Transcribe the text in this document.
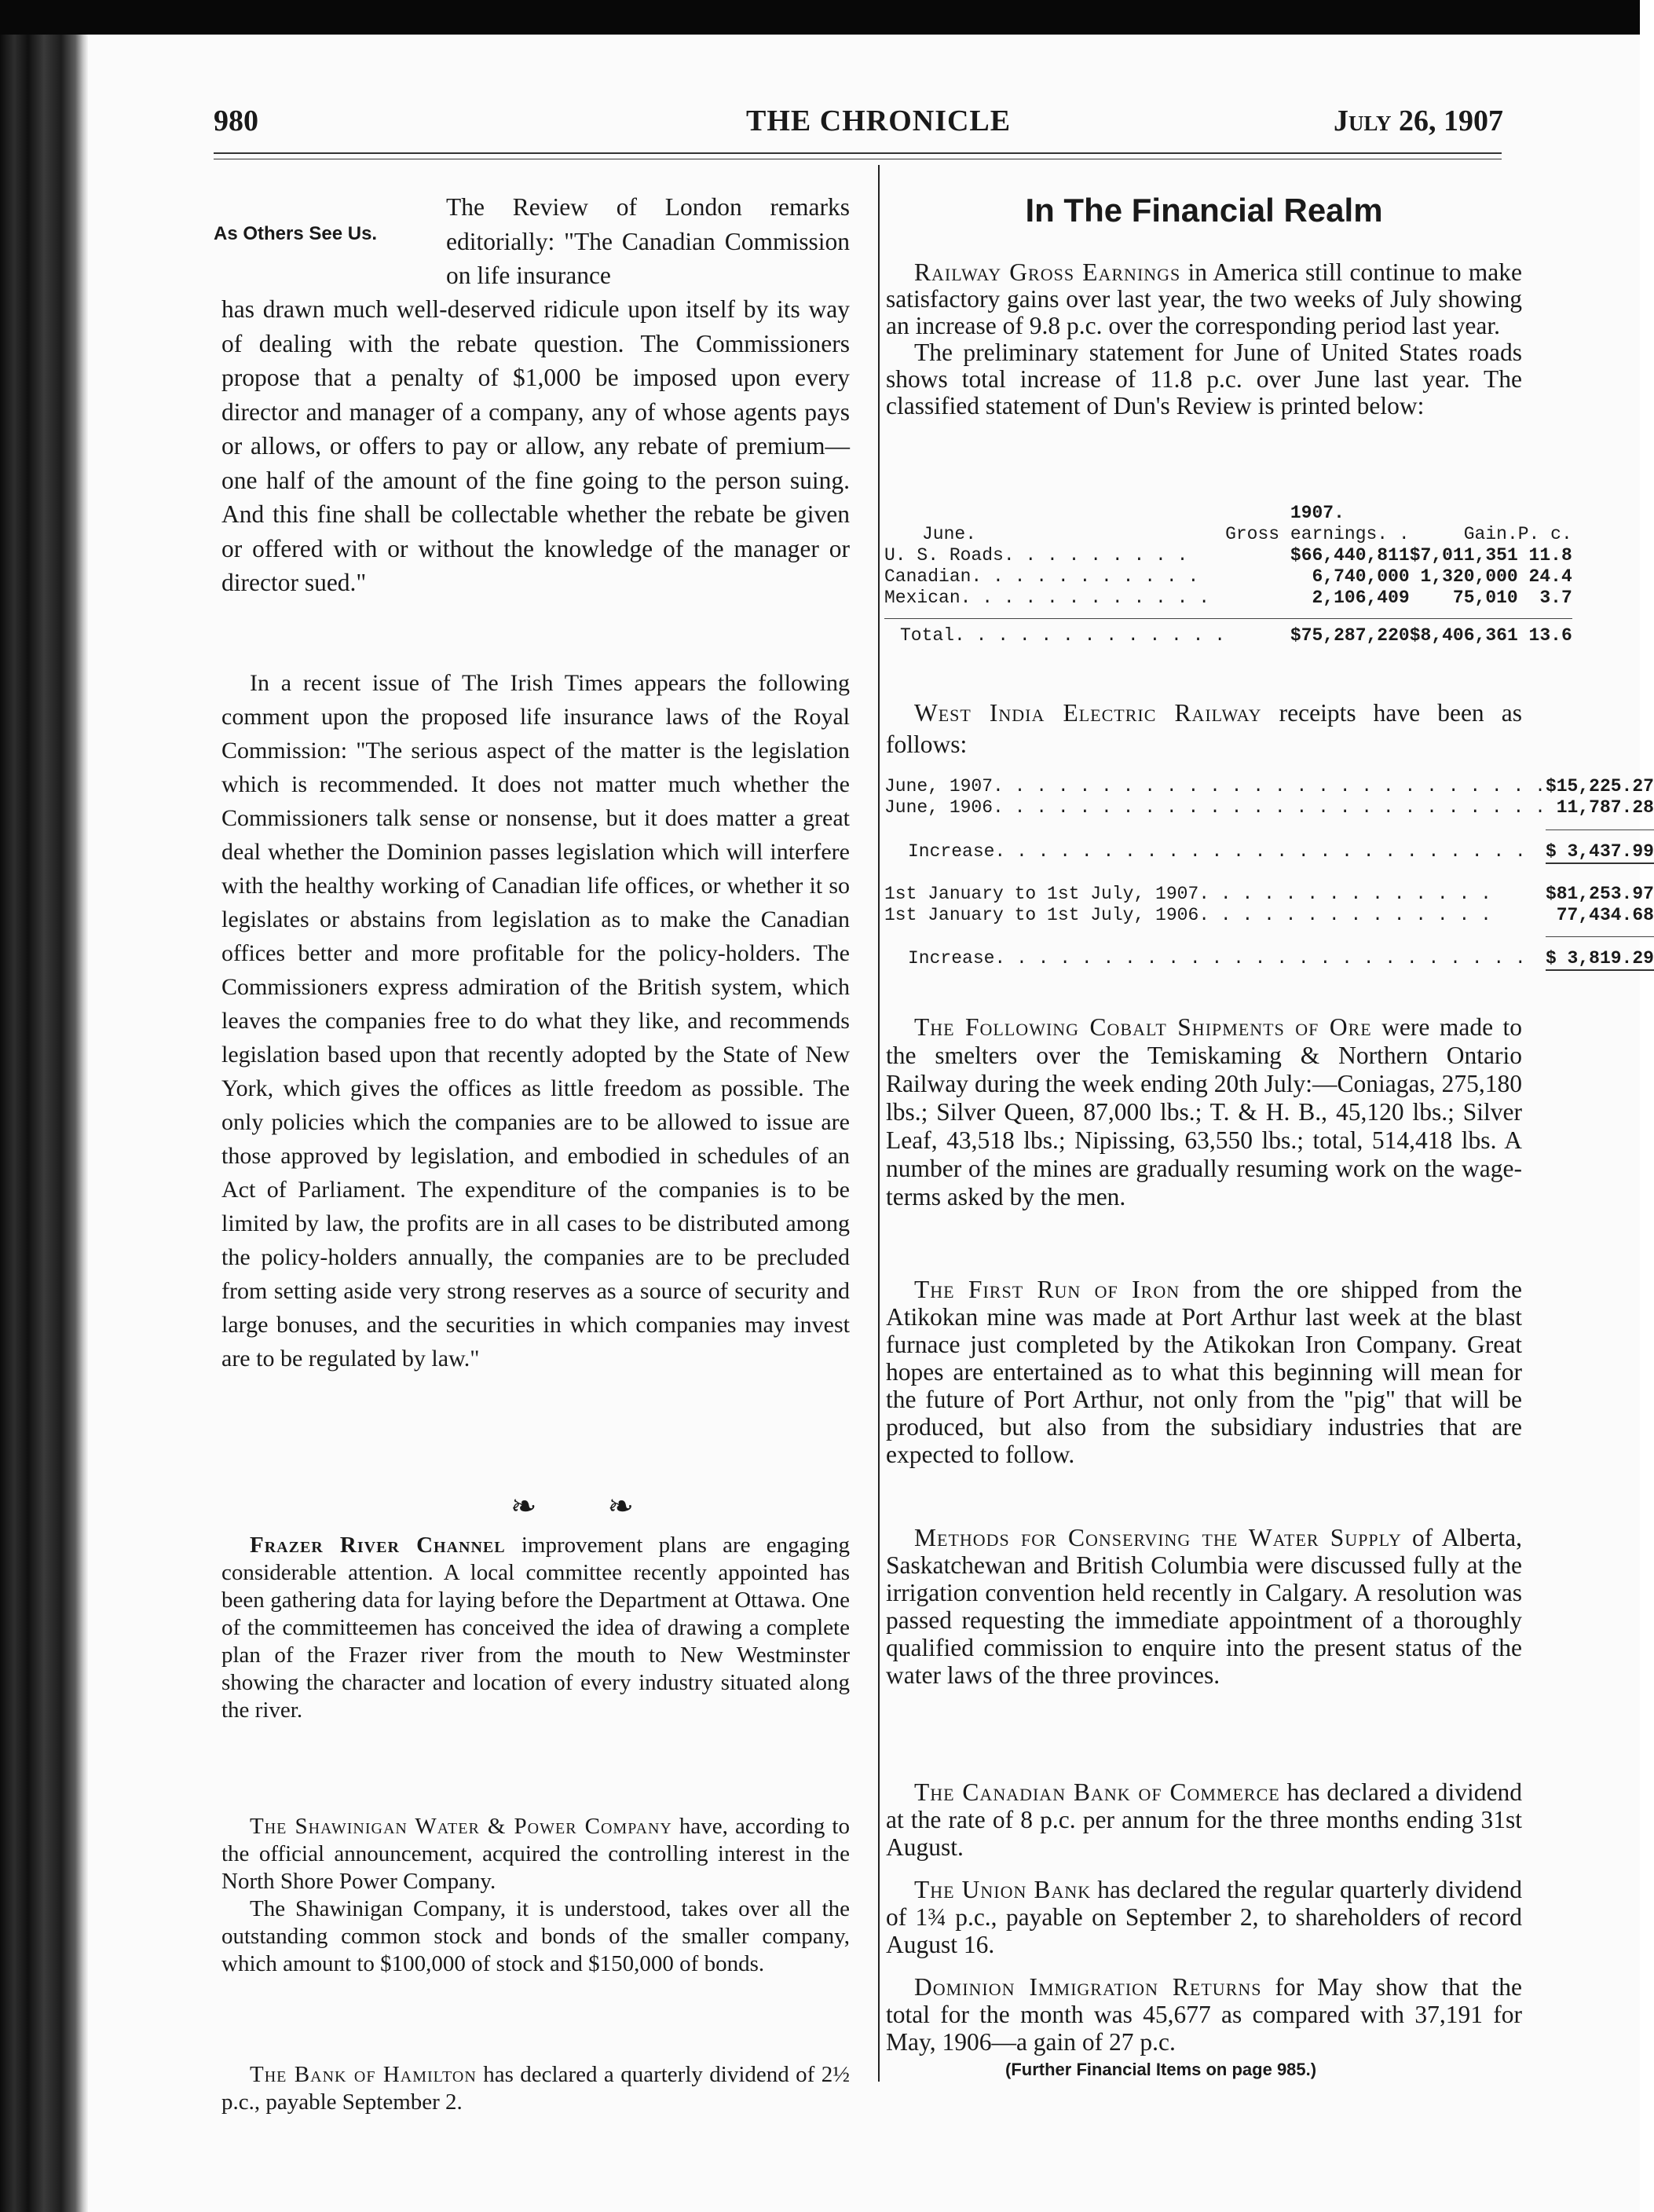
980	THE CHRONICLE	July 26, 1907
As Others See Us.

The Review of London remarks editorially: "The Canadian Commission on life insurance

has drawn much well-deserved ridicule upon itself by its way of dealing with the rebate question. The Commissioners propose that a penalty of $1,000 be imposed upon every director and manager of a company, any of whose agents pays or allows, or offers to pay or allow, any rebate of premium—one half of the amount of the fine going to the person suing. And this fine shall be collectable whether the rebate be given or offered with or without the knowledge of the manager or director sued."

In a recent issue of The Irish Times appears the following comment upon the proposed life insurance laws of the Royal Commission: "The serious aspect of the matter is the legislation which is recommended. It does not matter much whether the Commissioners talk sense or nonsense, but it does matter a great deal whether the Dominion passes legislation which will interfere with the healthy working of Canadian life offices, or whether it so legislates or abstains from legislation as to make the Canadian offices better and more profitable for the policy-holders. The Commissioners express admiration of the British system, which leaves the companies free to do what they like, and recommends legislation based upon that recently adopted by the State of New York, which gives the offices as little freedom as possible. The only policies which the companies are to be allowed to issue are those approved by legislation, and embodied in schedules of an Act of Parliament. The expenditure of the companies is to be limited by law, the profits are in all cases to be distributed among the policy-holders annually, the companies are to be precluded from setting aside very strong reserves as a source of security and large bonuses, and the securities in which companies may invest are to be regulated by law."

❧ ❧

Frazer River Channel improvement plans are engaging considerable attention. A local committee recently appointed has been gathering data for laying before the Department at Ottawa. One of the committeemen has conceived the idea of drawing a complete plan of the Frazer river from the mouth to New Westminster showing the character and location of every industry situated along the river.

The Shawinigan Water & Power Company have, according to the official announcement, acquired the controlling interest in the North Shore Power Company.

The Shawinigan Company, it is understood, takes over all the outstanding common stock and bonds of the smaller company, which amount to $100,000 of stock and $150,000 of bonds.

The Bank of Hamilton has declared a quarterly dividend of 2½ p.c., payable September 2.

In The Financial Realm

Railway Gross Earnings in America still continue to make satisfactory gains over last year, the two weeks of July showing an increase of 9.8 p.c. over the corresponding period last year.

The preliminary statement for June of United States roads shows total increase of 11.8 p.c. over June last year. The classified statement of Dun's Review is printed below:

	1907.		
June.	Gross earnings. .	Gain.	P. c.
U. S. Roads. . . . . . . . .	$66,440,811	$7,011,351	11.8
Canadian. . . . . . . . . . .	6,740,000	1,320,000	24.4
Mexican. . . . . . . . . . . .	2,106,409	75,010	3.7

Total. . . . . . . . . . . . .	$75,287,220	$8,406,361	13.6

West India Electric Railway receipts have been as follows:

June, 1907. . . . . . . . . . . . . . . . . . . . . . . . . .	$15,225.27
June, 1906. . . . . . . . . . . . . . . . . . . . . . . . . .	11,787.28

Increase. . . . . . . . . . . . . . . . . . . . . . . . .	$ 3,437.99

1st January to 1st July, 1907. . . . . . . . . . . . . .	$81,253.97
1st January to 1st July, 1906. . . . . . . . . . . . . .	77,434.68

Increase. . . . . . . . . . . . . . . . . . . . . . . . .	$ 3,819.29

The Following Cobalt Shipments of Ore were made to the smelters over the Temiskaming & Northern Ontario Railway during the week ending 20th July:—Coniagas, 275,180 lbs.; Silver Queen, 87,000 lbs.; T. & H. B., 45,120 lbs.; Silver Leaf, 43,518 lbs.; Nipissing, 63,550 lbs.; total, 514,418 lbs. A number of the mines are gradually resuming work on the wage-terms asked by the men.

The First Run of Iron from the ore shipped from the Atikokan mine was made at Port Arthur last week at the blast furnace just completed by the Atikokan Iron Company. Great hopes are entertained as to what this beginning will mean for the future of Port Arthur, not only from the "pig" that will be produced, but also from the subsidiary industries that are expected to follow.

Methods for Conserving the Water Supply of Alberta, Saskatchewan and British Columbia were discussed fully at the irrigation convention held recently in Calgary. A resolution was passed requesting the immediate appointment of a thoroughly qualified commission to enquire into the present status of the water laws of the three provinces.

The Canadian Bank of Commerce has declared a dividend at the rate of 8 p.c. per annum for the three months ending 31st August.

The Union Bank has declared the regular quarterly dividend of 1¾ p.c., payable on September 2, to shareholders of record August 16.

Dominion Immigration Returns for May show that the total for the month was 45,677 as compared with 37,191 for May, 1906—a gain of 27 p.c.

(Further Financial Items on page 985.)
